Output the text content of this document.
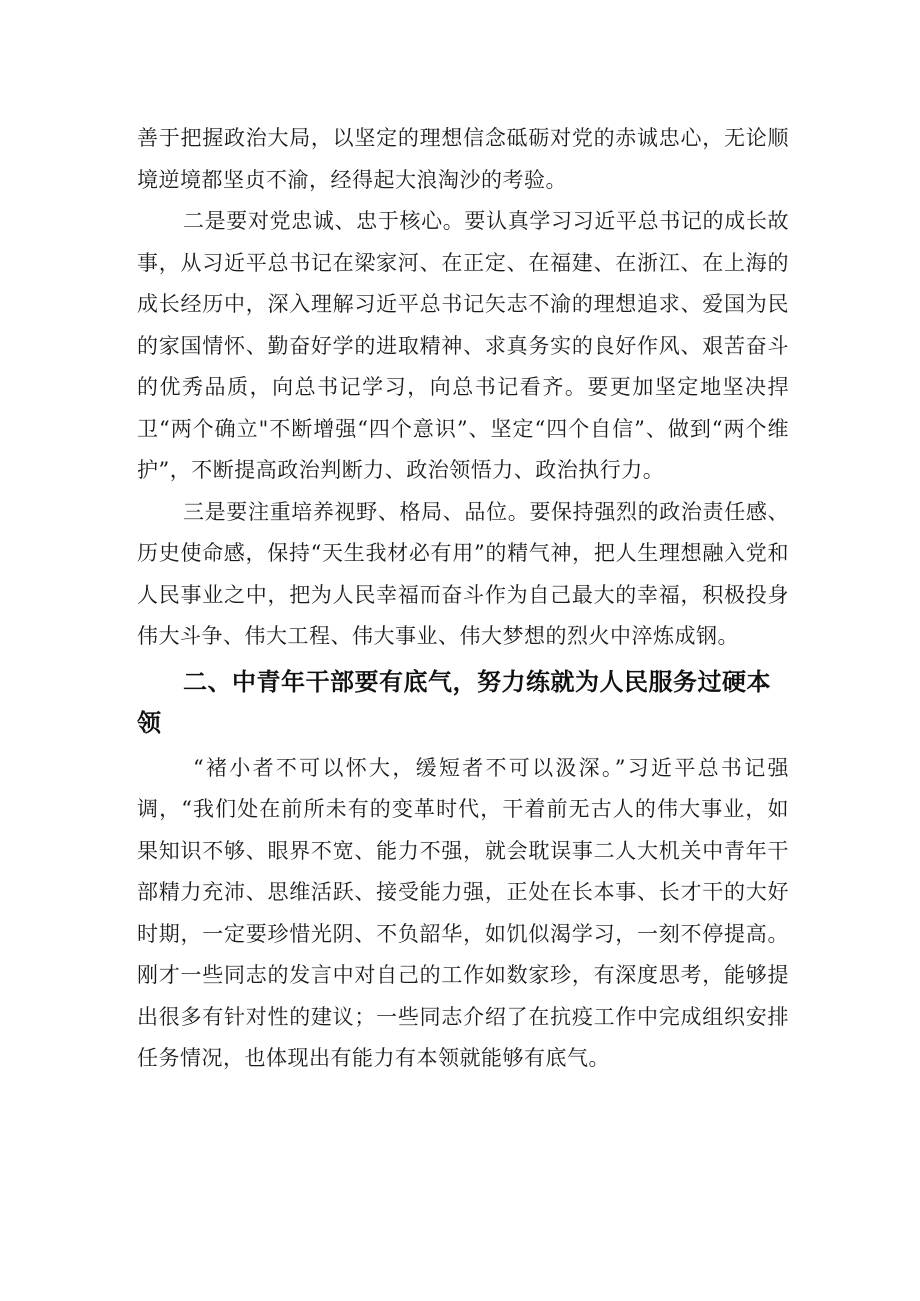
善于把握政治大局，以坚定的理想信念砥砺对党的赤诚忠心，无论顺境逆境都坚贞不渝，经得起大浪淘沙的考验。

二是要对党忠诚、忠于核心。要认真学习习近平总书记的成长故事，从习近平总书记在梁家河、在正定、在福建、在浙江、在上海的成长经历中，深入理解习近平总书记矢志不渝的理想追求、爱国为民的家国情怀、勤奋好学的进取精神、求真务实的良好作风、艰苦奋斗的优秀品质，向总书记学习，向总书记看齐。要更加坚定地坚决捍卫“两个确立"不断增强“四个意识”、坚定“四个自信”、做到“两个维护”，不断提高政治判断力、政治领悟力、政治执行力。

三是要注重培养视野、格局、品位。要保持强烈的政治责任感、历史使命感，保持“天生我材必有用”的精气神，把人生理想融入党和人民事业之中，把为人民幸福而奋斗作为自己最大的幸福，积极投身伟大斗争、伟大工程、伟大事业、伟大梦想的烈火中淬炼成钢。

二、中青年干部要有底气，努力练就为人民服务过硬本领

“褚小者不可以怀大，缓短者不可以汲深。”习近平总书记强调，“我们处在前所未有的变革时代，干着前无古人的伟大事业，如果知识不够、眼界不宽、能力不强，就会耽误事二人大机关中青年干部精力充沛、思维活跃、接受能力强，正处在长本事、长才干的大好时期，一定要珍惜光阴、不负韶华，如饥似渴学习，一刻不停提高。刚才一些同志的发言中对自己的工作如数家珍，有深度思考，能够提出很多有针对性的建议；一些同志介绍了在抗疫工作中完成组织安排任务情况，也体现出有能力有本领就能够有底气。
